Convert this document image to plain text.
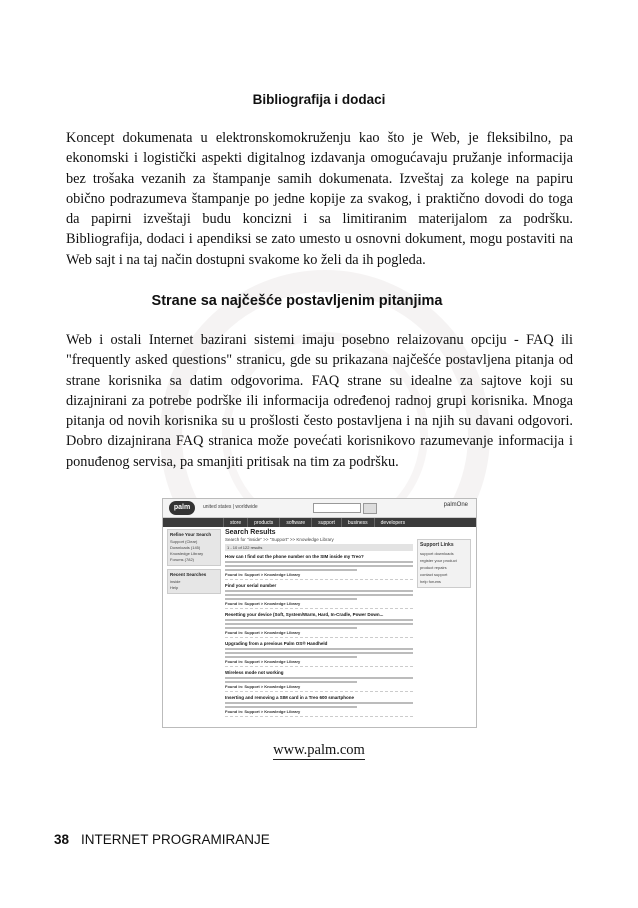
Bibliografija i dodaci
Koncept dokumenata u elektronskomokruženju kao što je Web, je fleksibilno, pa ekonomski i logistički aspekti digitalnog izdavanja omogućavaju pružanje informacija bez trošaka vezanih za štampanje samih dokumenata. Izveštaj za kolege na papiru obično podrazumeva štampanje po jedne kopije za svakog, i praktično dovodi do toga da papirni izveštaji budu koncizni i sa limitiranim materijalom za podršku. Bibliografija, dodaci i apendiksi se zato umesto u osnovni dokument, mogu postaviti na Web sajt i na taj način dostupni svakome ko želi da ih pogleda.
Strane sa najčešće postavljenim pitanjima
Web i ostali Internet bazirani sistemi imaju posebno relaizovanu opciju - FAQ ili "frequently asked questions" stranicu, gde su prikazana najčešće postavljena pitanja od strane korisnika sa datim odgovorima. FAQ strane su idealne za sajtove koji su dizajnirani za potrebe podrške ili informacija određenoj radnoj grupi korisnika. Mnoga pitanja od novih korisnika su u prošlosti često postavljena i na njih su davani odgovori. Dobro dizajnirana FAQ stranica može povećati korisnikovo razumevanje informacija i ponuđenog servisa, pa smanjiti pritisak na tim za podršku.
palm	united states | worldwide	palmOne
store	products	software	support	business	developers
Refine Your Search
Support (Clear)
Downloads (145)
Knowledge Library
Forums (782)
Recent Searches
inside
Help
Search Results
Search for "inside" >> "Support" >> Knowledge Library
1 - 10 of 122 results
How can I find out the phone number on the SIM inside my Treo?
Found in: Support > Knowledge Library
Find your serial number
Found in: Support > Knowledge Library
Resetting your device (Soft, System/Warm, Hard, In-Cradle, Power Down...
Found in: Support > Knowledge Library
Upgrading from a previous Palm OS® Handheld
Found in: Support > Knowledge Library
Wireless mode not working
Found in: Support > Knowledge Library
Inserting and removing a SIM card in a Treo 600 smartphone
Found in: Support > Knowledge Library
Support Links
support downloads
register your product
product repairs
contact support
help forums
www.palm.com
38 INTERNET PROGRAMIRANJE
